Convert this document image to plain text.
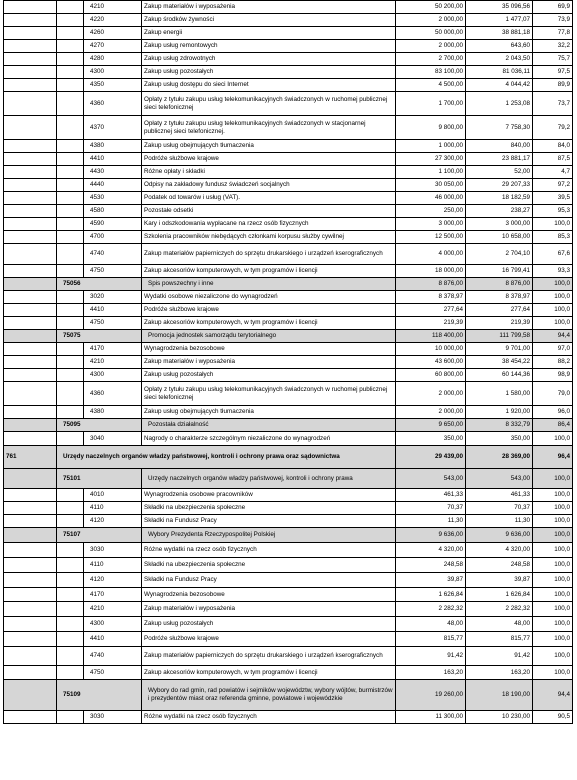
		4210	Zakup materiałów i wyposażenia	50 200,00	35 096,56	69,9
		4220	Zakup środków żywności	2 000,00	1 477,07	73,9
		4260	Zakup energii	50 000,00	38 881,18	77,8
		4270	Zakup usług remontowych	2 000,00	643,60	32,2
		4280	Zakup usług zdrowotnych	2 700,00	2 043,50	75,7
		4300	Zakup usług pozostałych	83 100,00	81 036,11	97,5
		4350	Zakup usług dostępu do sieci Internet	4 500,00	4 044,42	89,9
		4360	Opłaty z tytułu zakupu usług telekomunikacyjnych świadczonych w ruchomej publicznej sieci telefonicznej	1 700,00	1 253,08	73,7
		4370	Opłaty z tytułu zakupu usług telekomunikacyjnych świadczonych w stacjonarnej publicznej sieci telefonicznej.	9 800,00	7 758,30	79,2
		4380	Zakup usług obejmujących tłumaczenia	1 000,00	840,00	84,0
		4410	Podróże służbowe krajowe	27 300,00	23 881,17	87,5
		4430	Różne opłaty i składki	1 100,00	52,00	4,7
		4440	Odpisy na zakładowy fundusz świadczeń socjalnych	30 050,00	29 207,33	97,2
		4530	Podatek od towarów i usług (VAT).	46 000,00	18 182,59	39,5
		4580	Pozostałe odsetki	250,00	238,27	95,3
		4590	Kary i odszkodowania wypłacane na rzecz osób fizycznych	3 000,00	3 000,00	100,0
		4700	Szkolenia pracowników niebędących członkami korpusu służby cywilnej	12 500,00	10 658,00	85,3
		4740	Zakup materiałów papierniczych do sprzętu drukarskiego i urządzeń kserograficznych	4 000,00	2 704,10	67,6
		4750	Zakup akcesoriów komputerowych, w tym programów i licencji	18 000,00	16 799,41	93,3
	75056		Spis powszechny i inne	8 876,00	8 876,00	100,0
		3020	Wydatki osobowe niezaliczone do wynagrodzeń	8 378,97	8 378,97	100,0
		4410	Podróże służbowe krajowe	277,64	277,64	100,0
		4750	Zakup akcesoriów komputerowych, w tym programów i licencji	219,39	219,39	100,0
	75075		Promocja jednostek samorządu terytorialnego	118 400,00	111 799,58	94,4
		4170	Wynagrodzenia bezosobowe	10 000,00	9 701,00	97,0
		4210	Zakup materiałów i wyposażenia	43 600,00	38 454,22	88,2
		4300	Zakup usług pozostałych	60 800,00	60 144,36	98,9
		4360	Opłaty z tytułu zakupu usług telekomunikacyjnych świadczonych w ruchomej publicznej sieci telefonicznej	2 000,00	1 580,00	79,0
		4380	Zakup usług obejmujących tłumaczenia	2 000,00	1 920,00	96,0
	75095		Pozostała działalność	9 650,00	8 332,79	86,4
		3040	Nagrody o charakterze szczególnym niezaliczone do wynagrodzeń	350,00	350,00	100,0
761	Urzędy naczelnych organów władzy państwowej, kontroli i ochrony prawa oraz sądownictwa			29 439,00	28 369,00	96,4
	75101		Urzędy naczelnych organów władzy państwowej, kontroli i ochrony prawa	543,00	543,00	100,0
		4010	Wynagrodzenia osobowe pracowników	461,33	461,33	100,0
		4110	Składki na ubezpieczenia społeczne	70,37	70,37	100,0
		4120	Składki na Fundusz Pracy	11,30	11,30	100,0
	75107		Wybory Prezydenta Rzeczypospolitej Polskiej	9 636,00	9 636,00	100,0
		3030	Różne wydatki na rzecz osób fizycznych	4 320,00	4 320,00	100,0
		4110	Składki na ubezpieczenia społeczne	248,58	248,58	100,0
		4120	Składki na Fundusz Pracy	39,87	39,87	100,0
		4170	Wynagrodzenia bezosobowe	1 626,84	1 626,84	100,0
		4210	Zakup materiałów i wyposażenia	2 282,32	2 282,32	100,0
		4300	Zakup usług pozostałych	48,00	48,00	100,0
		4410	Podróże służbowe krajowe	815,77	815,77	100,0
		4740	Zakup materiałów papierniczych do sprzętu drukarskiego i urządzeń kserograficznych	91,42	91,42	100,0
		4750	Zakup akcesoriów komputerowych, w tym programów i licencji	163,20	163,20	100,0
	75109		Wybory do rad gmin, rad powiatów i sejmików województw, wybory wójtów, burmistrzów i prezydentów miast oraz referenda gminne, powiatowe i wojewódzkie	19 260,00	18 190,00	94,4
		3030	Różne wydatki na rzecz osób fizycznych	11 300,00	10 230,00	90,5
